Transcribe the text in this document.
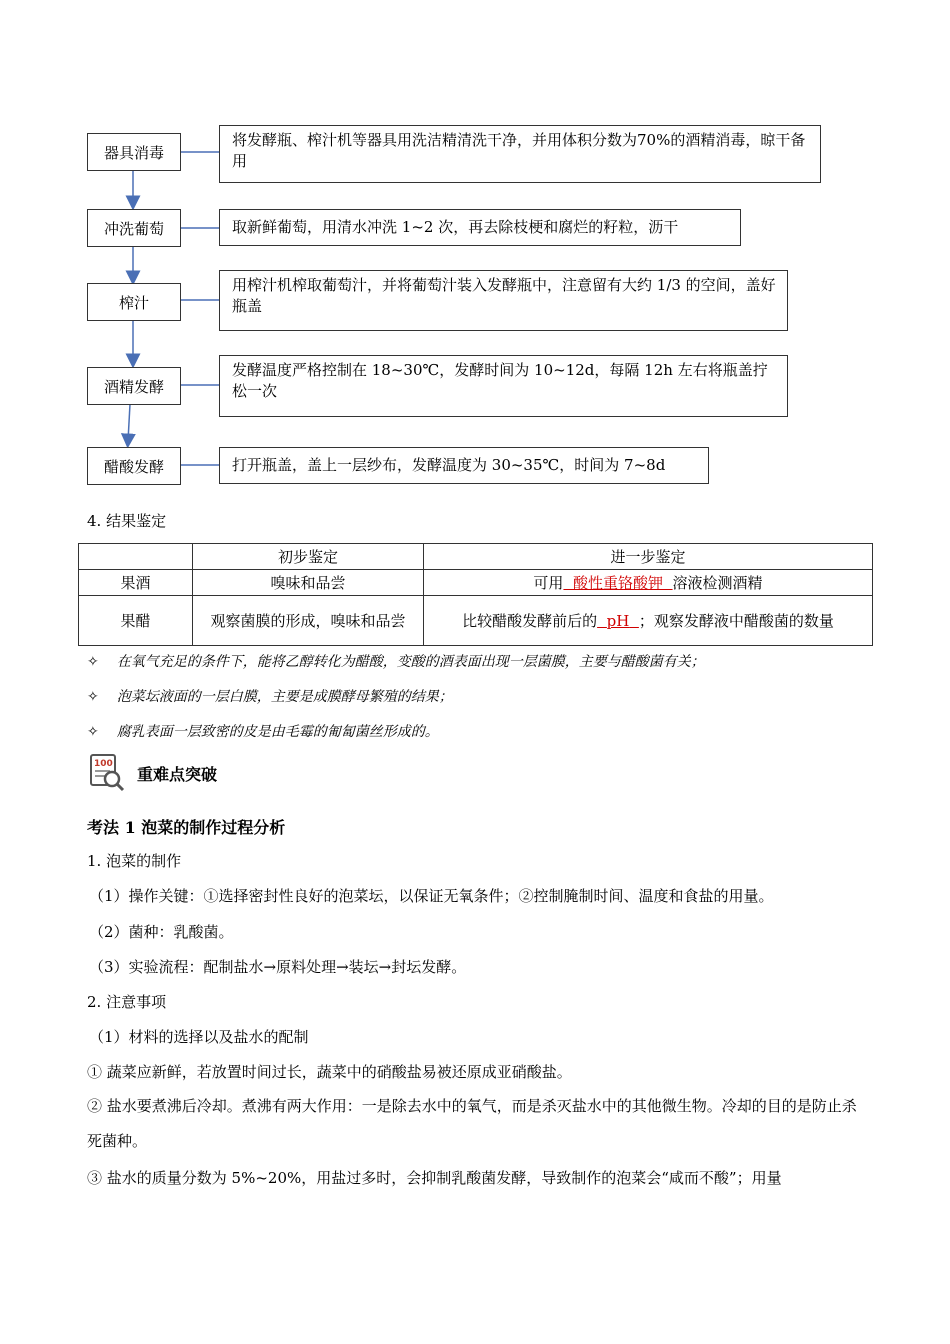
器具消毒
冲洗葡萄
榨汁
酒精发酵
醋酸发酵
将发酵瓶、榨汁机等器具用洗洁精清洗干净，并用体积分数为70%的酒精消毒，晾干备用
取新鲜葡萄，用清水冲洗 1~2 次，再去除枝梗和腐烂的籽粒，沥干
用榨汁机榨取葡萄汁，并将葡萄汁装入发酵瓶中，注意留有大约 1/3 的空间，盖好瓶盖
发酵温度严格控制在 18~30℃，发酵时间为 10~12d，每隔 12h 左右将瓶盖拧松一次
打开瓶盖，盖上一层纱布，发酵温度为 30~35℃，时间为 7~8d
4. 结果鉴定
	初步鉴定	进一步鉴定
果酒	嗅味和品尝	可用 酸性重铬酸钾 溶液检测酒精
果醋	观察菌膜的形成，嗅味和品尝	比较醋酸发酵前后的 pH ；观察发酵液中醋酸菌的数量
✧ 在氧气充足的条件下，能将乙醇转化为醋酸，变酸的酒表面出现一层菌膜，主要与醋酸菌有关；
✧ 泡菜坛液面的一层白膜，主要是成膜酵母繁殖的结果；
✧ 腐乳表面一层致密的皮是由毛霉的匍匐菌丝形成的。
100
重难点突破
考法 1 泡菜的制作过程分析
1. 泡菜的制作
（1）操作关键：①选择密封性良好的泡菜坛，以保证无氧条件；②控制腌制时间、温度和食盐的用量。
（2）菌种：乳酸菌。
（3）实验流程：配制盐水→原料处理→装坛→封坛发酵。
2. 注意事项
（1）材料的选择以及盐水的配制
① 蔬菜应新鲜，若放置时间过长，蔬菜中的硝酸盐易被还原成亚硝酸盐。
② 盐水要煮沸后冷却。煮沸有两大作用：一是除去水中的氧气，而是杀灭盐水中的其他微生物。冷却的目的是防止杀死菌种。
③ 盐水的质量分数为 5%~20%，用盐过多时，会抑制乳酸菌发酵，导致制作的泡菜会“咸而不酸”；用量
